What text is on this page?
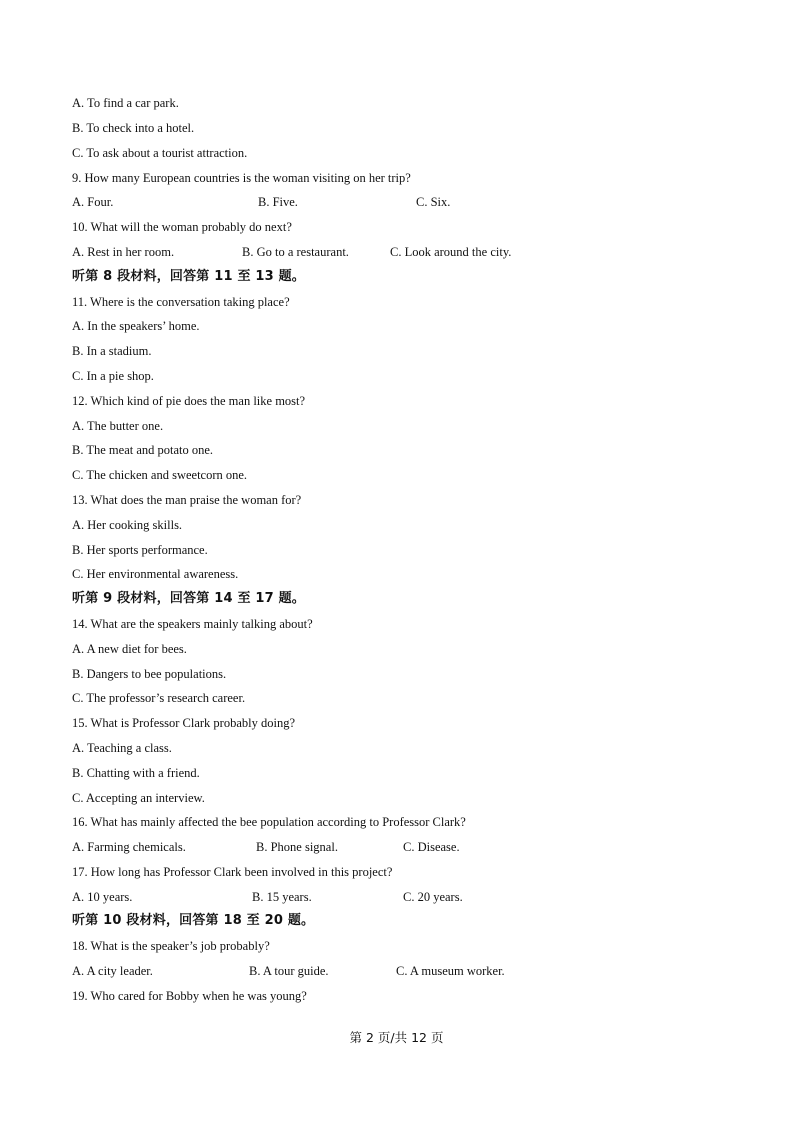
A. To find a car park.
B. To check into a hotel.
C. To ask about a tourist attraction.
9. How many European countries is the woman visiting on her trip?
A. Four.	B. Five.	C. Six.
10. What will the woman probably do next?
A. Rest in her room.	B. Go to a restaurant.	C. Look around the city.
听第 8 段材料，回答第 11 至 13 题。
11. Where is the conversation taking place?
A. In the speakers’ home.
B. In a stadium.
C. In a pie shop.
12. Which kind of pie does the man like most?
A. The butter one.
B. The meat and potato one.
C. The chicken and sweetcorn one.
13. What does the man praise the woman for?
A. Her cooking skills.
B. Her sports performance.
C. Her environmental awareness.
听第 9 段材料，回答第 14 至 17 题。
14. What are the speakers mainly talking about?
A. A new diet for bees.
B. Dangers to bee populations.
C. The professor’s research career.
15. What is Professor Clark probably doing?
A. Teaching a class.
B. Chatting with a friend.
C. Accepting an interview.
16. What has mainly affected the bee population according to Professor Clark?
A. Farming chemicals.	B. Phone signal.	C. Disease.
17. How long has Professor Clark been involved in this project?
A. 10 years.	B. 15 years.	C. 20 years.
听第 10 段材料，回答第 18 至 20 题。
18. What is the speaker’s job probably?
A. A city leader.	B. A tour guide.	C. A museum worker.
19. Who cared for Bobby when he was young?
第 2 页/共 12 页
